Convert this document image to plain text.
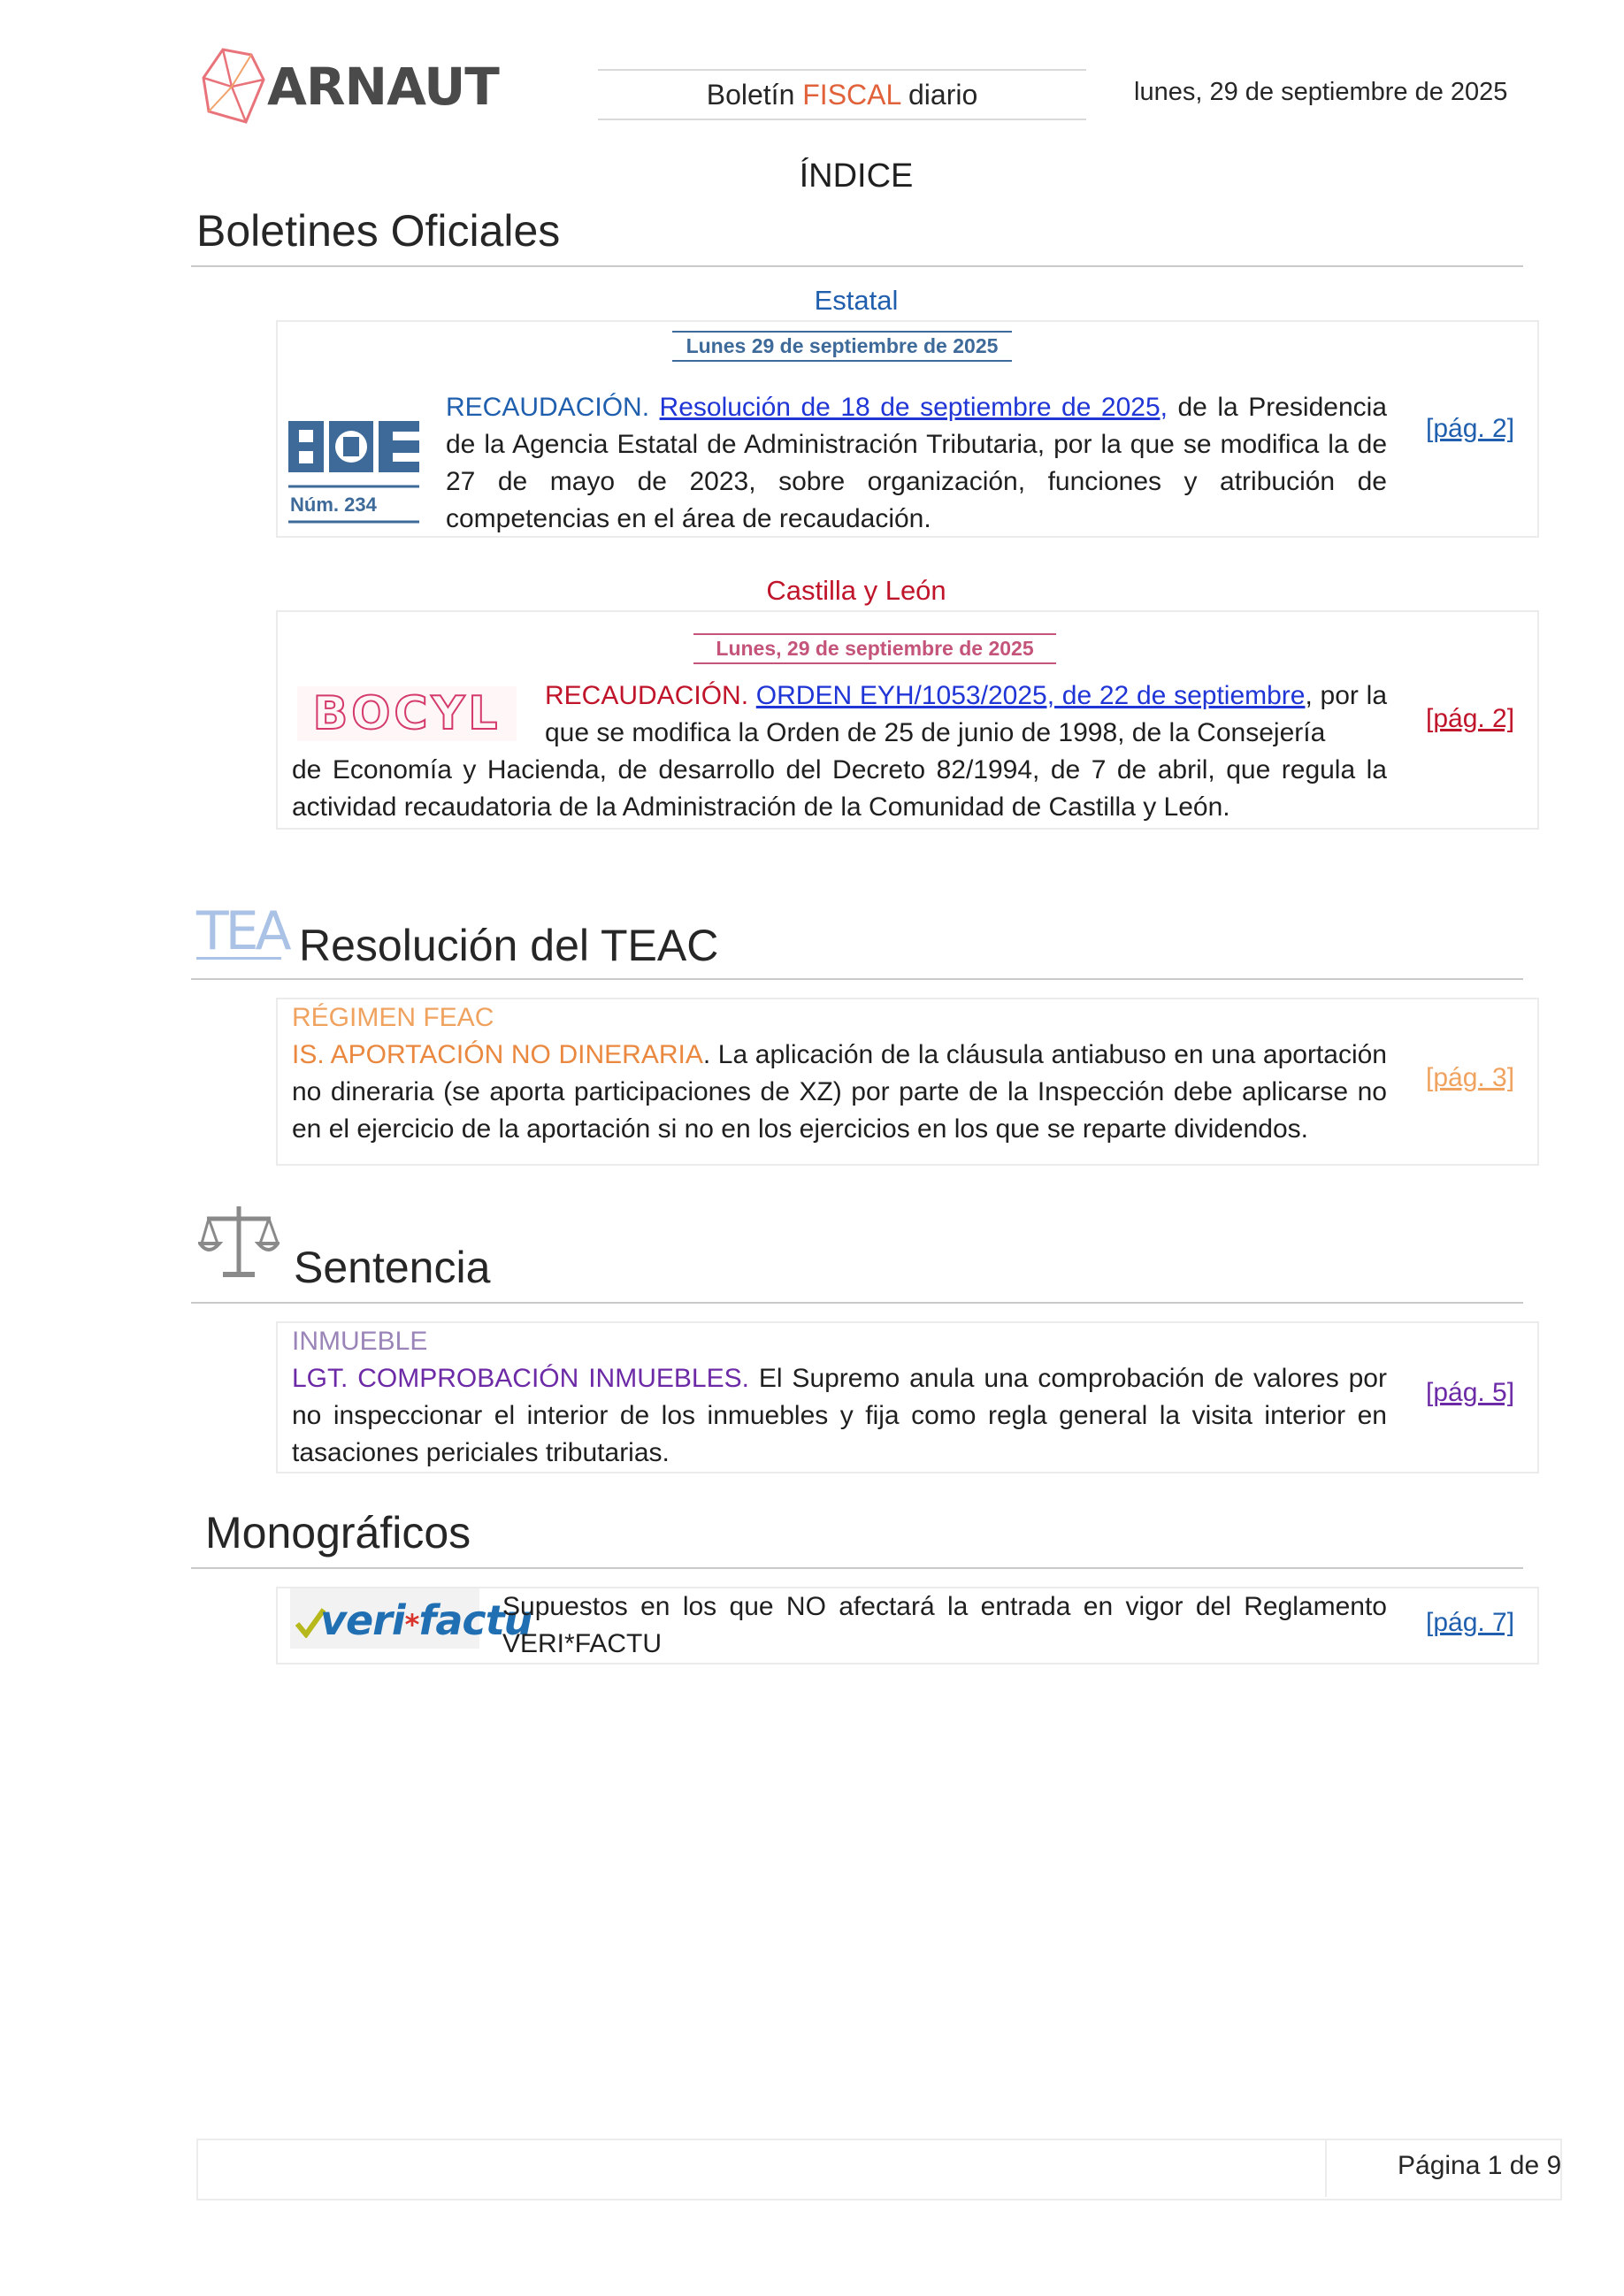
ARNAUT	Boletín FISCAL diario	lunes, 29 de septiembre de 2025
ÍNDICE
Boletines Oficiales
Estatal
Lunes 29 de septiembre de 2025
Núm. 234
RECAUDACIÓN. Resolución de 18 de septiembre de 2025, de la Presidencia de la Agencia Estatal de Administración Tributaria, por la que se modifica la de 27 de mayo de 2023, sobre organización, funciones y atribución de competencias en el área de recaudación.
[pág. 2]
Castilla y León
Lunes, 29 de septiembre de 2025
BOCYL	RECAUDACIÓN. ORDEN EYH/1053/2025, de 22 de septiembre, por la que se modifica la Orden de 25 de junio de 1998, de la Consejería
de Economía y Hacienda, de desarrollo del Decreto 82/1994, de 7 de abril, que regula la actividad recaudatoria de la Administración de la Comunidad de Castilla y León.
[pág. 2]
TEA Resolución del TEAC
RÉGIMEN FEAC
IS. APORTACIÓN NO DINERARIA. La aplicación de la cláusula antiabuso en una aportación no dineraria (se aporta participaciones de XZ) por parte de la Inspección debe aplicarse no en el ejercicio de la aportación si no en los ejercicios en los que se reparte dividendos.
[pág. 3]
Sentencia
INMUEBLE
LGT. COMPROBACIÓN INMUEBLES. El Supremo anula una comprobación de valores por no inspeccionar el interior de los inmuebles y fija como regla general la visita interior en tasaciones periciales tributarias.
[pág. 5]
Monográficos
veri*factu
Supuestos en los que NO afectará la entrada en vigor del Reglamento VERI*FACTU
[pág. 7]
Página 1 de 9
